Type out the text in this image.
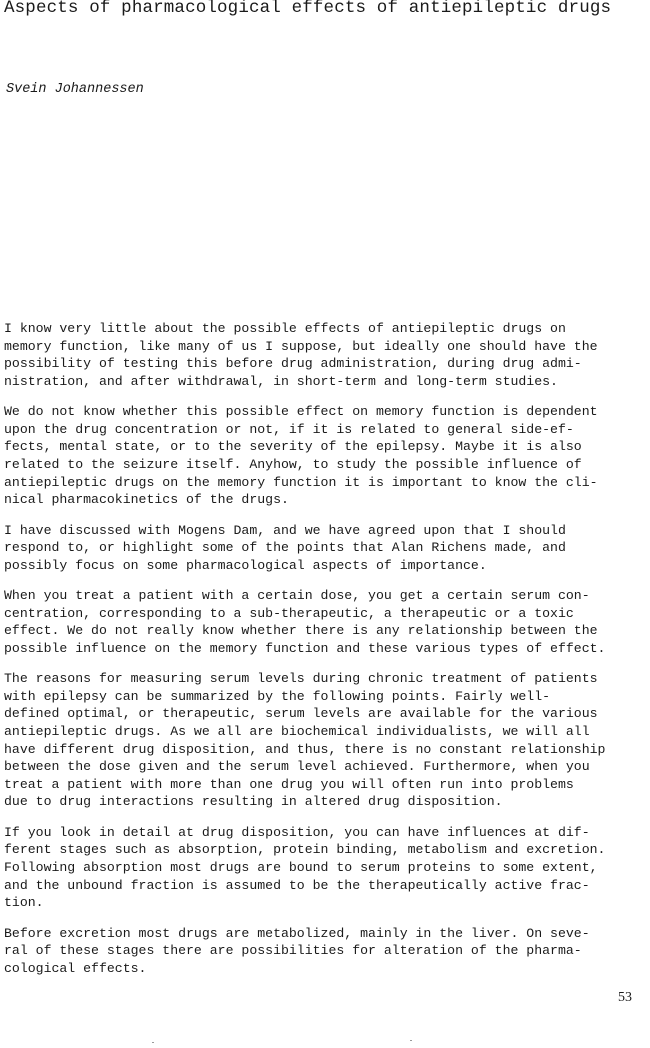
Aspects of pharmacological effects of antiepileptic drugs

Svein Johannessen

I know very little about the possible effects of antiepileptic drugs on
memory function, like many of us I suppose, but ideally one should have the
possibility of testing this before drug administration, during drug admi-
nistration, and after withdrawal, in short-term and long-term studies.

We do not know whether this possible effect on memory function is dependent
upon the drug concentration or not, if it is related to general side-ef-
fects, mental state, or to the severity of the epilepsy. Maybe it is also
related to the seizure itself. Anyhow, to study the possible influence of
antiepileptic drugs on the memory function it is important to know the cli-
nical pharmacokinetics of the drugs.

I have discussed with Mogens Dam, and we have agreed upon that I should
respond to, or highlight some of the points that Alan Richens made, and
possibly focus on some pharmacological aspects of importance.

When you treat a patient with a certain dose, you get a certain serum con-
centration, corresponding to a sub-therapeutic, a therapeutic or a toxic
effect. We do not really know whether there is any relationship between the
possible influence on the memory function and these various types of effect.

The reasons for measuring serum levels during chronic treatment of patients
with epilepsy can be summarized by the following points. Fairly well-
defined optimal, or therapeutic, serum levels are available for the various
antiepileptic drugs. As we all are biochemical individualists, we will all
have different drug disposition, and thus, there is no constant relationship
between the dose given and the serum level achieved. Furthermore, when you
treat a patient with more than one drug you will often run into problems
due to drug interactions resulting in altered drug disposition.

If you look in detail at drug disposition, you can have influences at dif-
ferent stages such as absorption, protein binding, metabolism and excretion.
Following absorption most drugs are bound to serum proteins to some extent,
and the unbound fraction is assumed to be the therapeutically active frac-
tion.

Before excretion most drugs are metabolized, mainly in the liver. On seve-
ral of these stages there are possibilities for alteration of the pharma-
cological effects.

53
